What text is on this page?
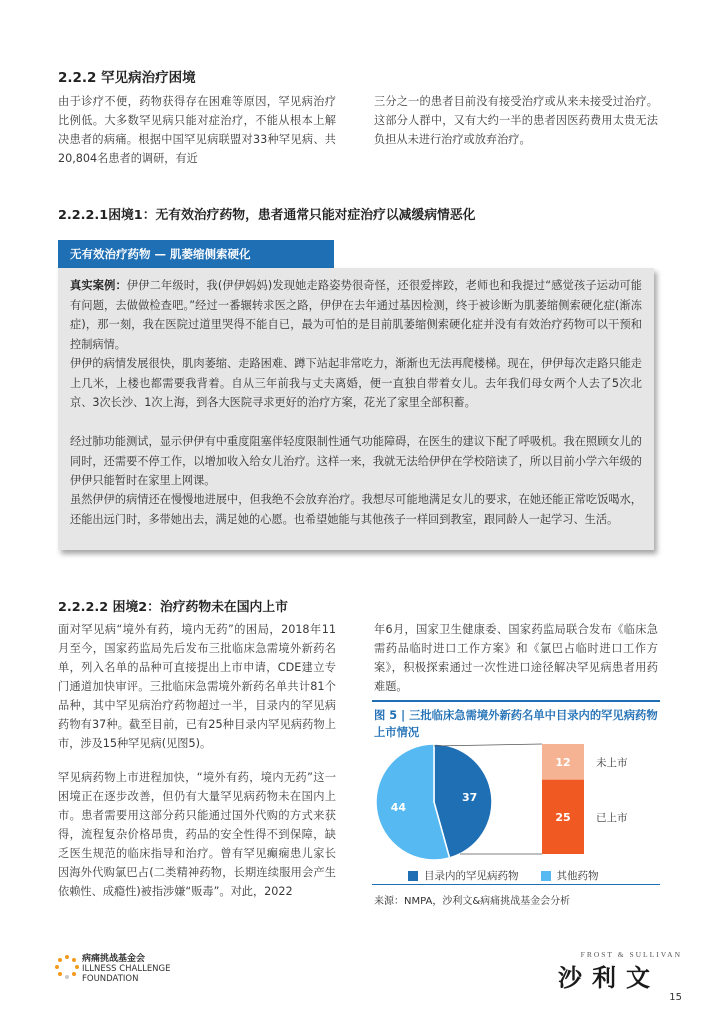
2.2.2 罕见病治疗困境
由于诊疗不便，药物获得存在困难等原因，罕见病治疗比例低。大多数罕见病只能对症治疗，不能从根本上解决患者的病痛。根据中国罕见病联盟对33种罕见病、共20,804名患者的调研，有近
三分之一的患者目前没有接受治疗或从来未接受过治疗。这部分人群中，又有大约一半的患者因医药费用太贵无法负担从未进行治疗或放弃治疗。
2.2.2.1困境1：无有效治疗药物，患者通常只能对症治疗以减缓病情恶化
无有效治疗药物 — 肌萎缩侧索硬化

真实案例：伊伊二年级时，我(伊伊妈妈)发现她走路姿势很奇怪，还很爱摔跤，老师也和我提过“感觉孩子运动可能有问题，去做做检查吧。”经过一番辗转求医之路，伊伊在去年通过基因检测，终于被诊断为肌萎缩侧索硬化症(渐冻症)，那一刻，我在医院过道里哭得不能自已，最为可怕的是目前肌萎缩侧索硬化症并没有有效治疗药物可以干预和控制病情。

伊伊的病情发展很快，肌肉萎缩、走路困难、蹲下站起非常吃力，渐渐也无法再爬楼梯。现在，伊伊每次走路只能走上几米，上楼也都需要我背着。自从三年前我与丈夫离婚，便一直独自带着女儿。去年我们母女两个人去了5次北京、3次长沙、1次上海，到各大医院寻求更好的治疗方案，花光了家里全部积蓄。

经过肺功能测试，显示伊伊有中重度阻塞伴轻度限制性通气功能障碍，在医生的建议下配了呼吸机。我在照顾女儿的同时，还需要不停工作，以增加收入给女儿治疗。这样一来，我就无法给伊伊在学校陪读了，所以目前小学六年级的伊伊只能暂时在家里上网课。

虽然伊伊的病情还在慢慢地进展中，但我绝不会放弃治疗。我想尽可能地满足女儿的要求，在她还能正常吃饭喝水，还能出远门时，多带她出去，满足她的心愿。也希望她能与其他孩子一样回到教室，跟同龄人一起学习、生活。

2.2.2.2 困境2：治疗药物未在国内上市
面对罕见病“境外有药，境内无药”的困局，2018年11月至今，国家药监局先后发布三批临床急需境外新药名单，列入名单的品种可直接提出上市申请，CDE建立专门通道加快审评。三批临床急需境外新药名单共计81个品种，其中罕见病治疗药物超过一半，目录内的罕见病药物有37种。截至目前，已有25种目录内罕见病药物上市，涉及15种罕见病(见图5)。
罕见病药物上市进程加快，“境外有药，境内无药”这一困境正在逐步改善，但仍有大量罕见病药物未在国内上市。患者需要用这部分药只能通过国外代购的方式来获得，流程复杂价格昂贵，药品的安全性得不到保障，缺乏医生规范的临床指导和治疗。曾有罕见癫痫患儿家长因海外代购氯巴占(二类精神药物，长期连续服用会产生依赖性、成瘾性)被指涉嫌“贩毒”。对此，2022
年6月，国家卫生健康委、国家药监局联合发布《临床急需药品临时进口工作方案》和《氯巴占临时进口工作方案》，积极探索通过一次性进口途径解决罕见病患者用药难题。
图 5 | 三批临床急需境外新药名单中目录内的罕见病药物上市情况
37
44
12 未上市
25 已上市
目录内的罕见病药物	其他药物
来源：NMPA，沙利文&病痛挑战基金会分析
病痛挑战基金会
ILLNESS CHALLENGE
FOUNDATION
FROST & SULLIVAN
沙利文
15
